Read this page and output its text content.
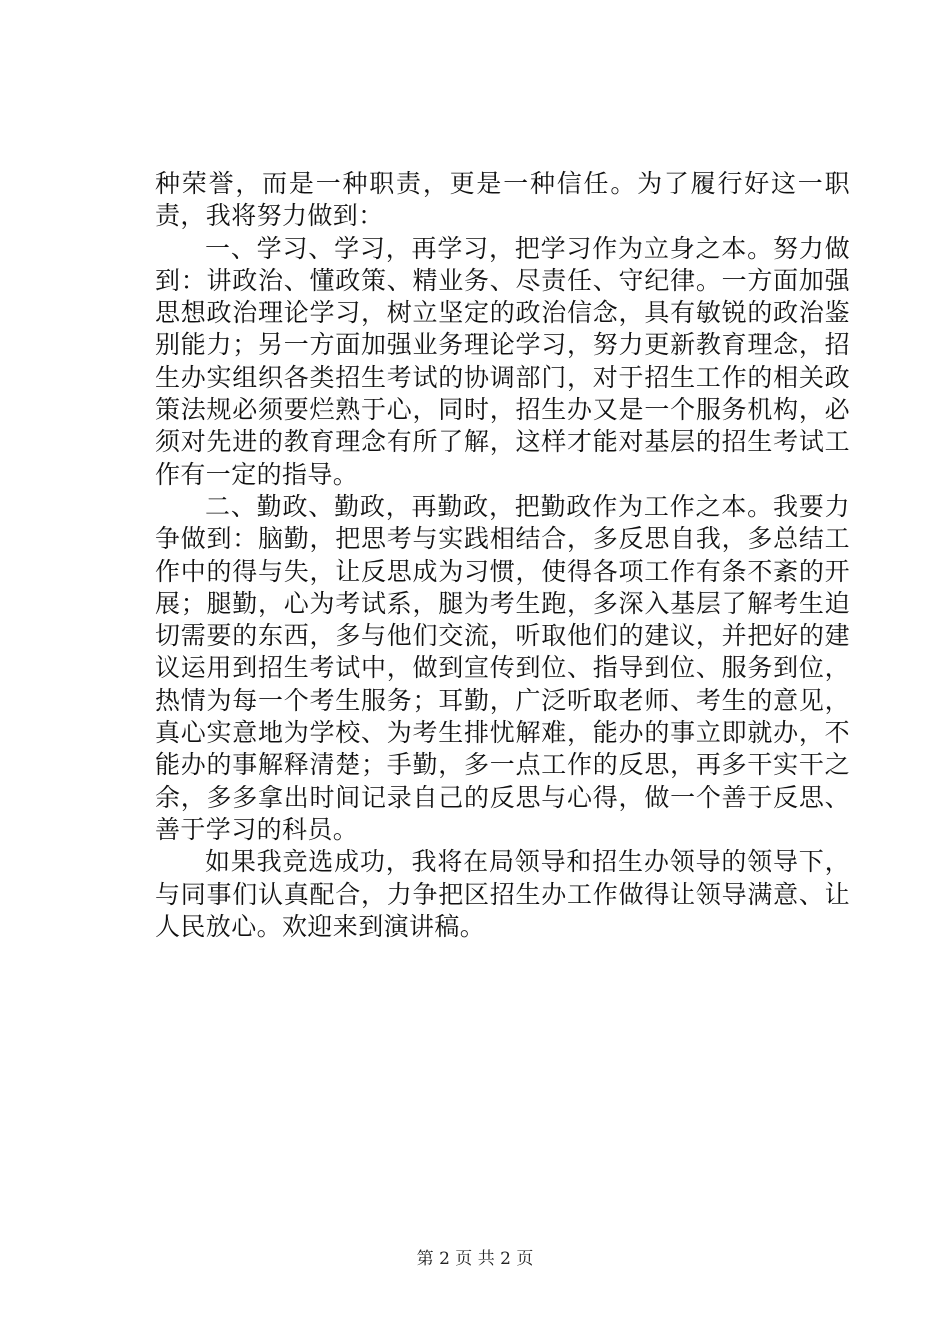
种荣誉，而是一种职责，更是一种信任。为了履行好这一职责，我将努力做到：

一、学习、学习，再学习，把学习作为立身之本。努力做到：讲政治、懂政策、精业务、尽责任、守纪律。一方面加强思想政治理论学习，树立坚定的政治信念，具有敏锐的政治鉴别能力；另一方面加强业务理论学习，努力更新教育理念，招生办实组织各类招生考试的协调部门，对于招生工作的相关政策法规必须要烂熟于心，同时，招生办又是一个服务机构，必须对先进的教育理念有所了解，这样才能对基层的招生考试工作有一定的指导。

二、勤政、勤政，再勤政，把勤政作为工作之本。我要力争做到：脑勤，把思考与实践相结合，多反思自我，多总结工作中的得与失，让反思成为习惯，使得各项工作有条不紊的开展；腿勤，心为考试系，腿为考生跑，多深入基层了解考生迫切需要的东西，多与他们交流，听取他们的建议，并把好的建议运用到招生考试中，做到宣传到位、指导到位、服务到位，热情为每一个考生服务；耳勤，广泛听取老师、考生的意见，真心实意地为学校、为考生排忧解难，能办的事立即就办，不能办的事解释清楚；手勤，多一点工作的反思，再多干实干之余，多多拿出时间记录自己的反思与心得，做一个善于反思、善于学习的科员。

如果我竞选成功，我将在局领导和招生办领导的领导下，与同事们认真配合，力争把区招生办工作做得让领导满意、让人民放心。欢迎来到演讲稿。

第 2 页 共 2 页
